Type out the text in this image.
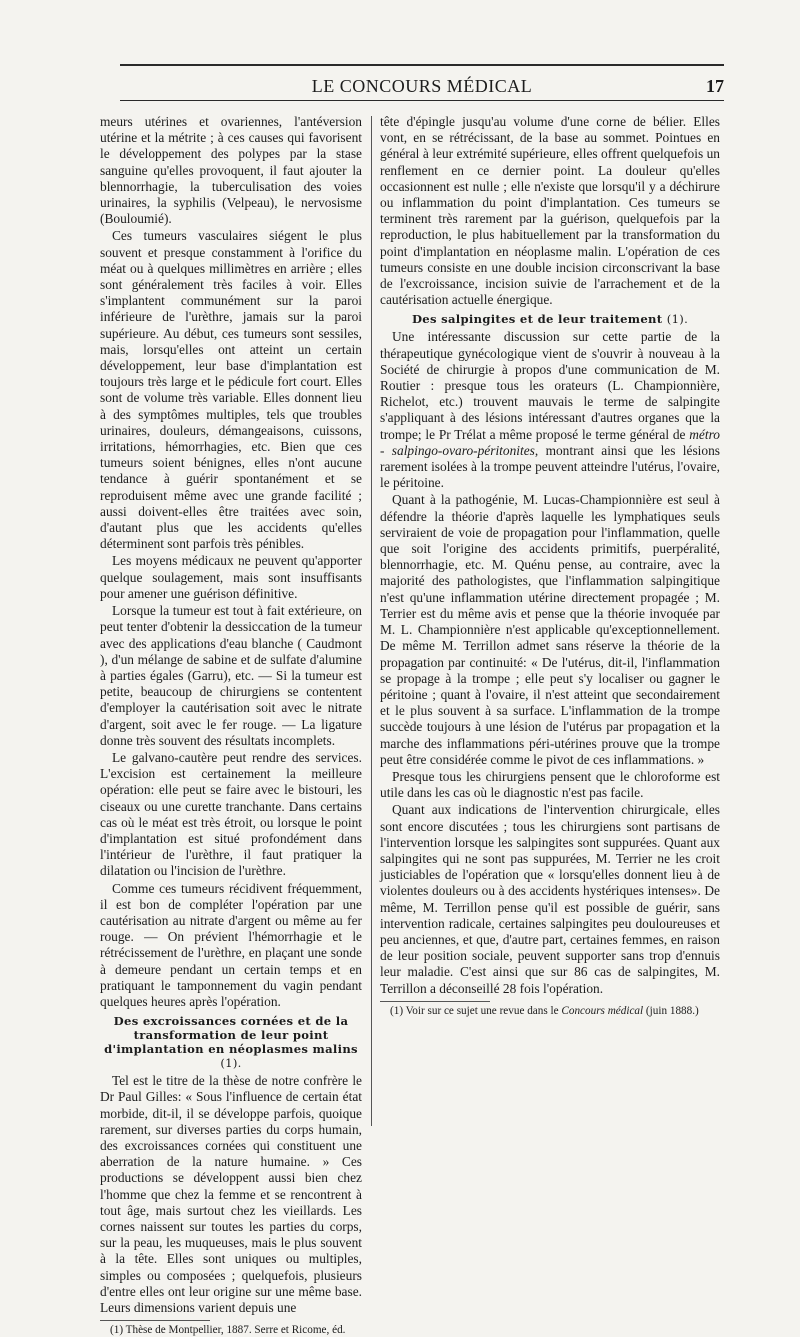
LE CONCOURS MÉDICAL	17

meurs utérines et ovariennes, l'antéversion utérine et la métrite ; à ces causes qui favorisent le développement des polypes par la stase sanguine qu'elles provoquent, il faut ajouter la blennorrhagie, la tuberculisation des voies urinaires, la syphilis (Velpeau), le nervosisme (Bouloumié).

Ces tumeurs vasculaires siégent le plus souvent et presque constamment à l'orifice du méat ou à quelques millimètres en arrière ; elles sont généralement très faciles à voir. Elles s'implantent communément sur la paroi inférieure de l'urèthre, jamais sur la paroi supérieure. Au début, ces tumeurs sont sessiles, mais, lorsqu'elles ont atteint un certain développement, leur base d'implantation est toujours très large et le pédicule fort court. Elles sont de volume très variable. Elles donnent lieu à des symptômes multiples, tels que troubles urinaires, douleurs, démangeaisons, cuissons, irritations, hémorrhagies, etc. Bien que ces tumeurs soient bénignes, elles n'ont aucune tendance à guérir spontanément et se reproduisent même avec une grande facilité ; aussi doivent-elles être traitées avec soin, d'autant plus que les accidents qu'elles déterminent sont parfois très pénibles.

Les moyens médicaux ne peuvent qu'apporter quelque soulagement, mais sont insuffisants pour amener une guérison définitive.

Lorsque la tumeur est tout à fait extérieure, on peut tenter d'obtenir la dessiccation de la tumeur avec des applications d'eau blanche ( Caudmont ), d'un mélange de sabine et de sulfate d'alumine à parties égales (Garru), etc. — Si la tumeur est petite, beaucoup de chirurgiens se contentent d'employer la cautérisation soit avec le nitrate d'argent, soit avec le fer rouge. — La ligature donne très souvent des résultats incomplets.

Le galvano-cautère peut rendre des services. L'excision est certainement la meilleure opération: elle peut se faire avec le bistouri, les ciseaux ou une curette tranchante. Dans certains cas où le méat est très étroit, ou lorsque le point d'implantation est situé profondément dans l'intérieur de l'urèthre, il faut pratiquer la dilatation ou l'incision de l'urèthre.

Comme ces tumeurs récidivent fréquemment, il est bon de compléter l'opération par une cautérisation au nitrate d'argent ou même au fer rouge. — On prévient l'hémorrhagie et le rétrécissement de l'urèthre, en plaçant une sonde à demeure pendant un certain temps et en pratiquant le tamponnement du vagin pendant quelques heures après l'opération.

Des excroissances cornées et de la transformation de leur point d'implantation en néoplasmes malins (1).

Tel est le titre de la thèse de notre confrère le Dr Paul Gilles: « Sous l'influence de certain état morbide, dit-il, il se développe parfois, quoique rarement, sur diverses parties du corps humain, des excroissances cornées qui constituent une aberration de la nature humaine. » Ces productions se développent aussi bien chez l'homme que chez la femme et se rencontrent à tout âge, mais surtout chez les vieillards. Les cornes naissent sur toutes les parties du corps, sur la peau, les muqueuses, mais le plus souvent à la tête. Elles sont uniques ou multiples, simples ou composées ; quelquefois, plusieurs d'entre elles ont leur origine sur une même base. Leurs dimensions varient depuis une

(1) Thèse de Montpellier, 1887. Serre et Ricome, éd.

tête d'épingle jusqu'au volume d'une corne de bélier. Elles vont, en se rétrécissant, de la base au sommet. Pointues en général à leur extrémité supérieure, elles offrent quelquefois un renflement en ce dernier point. La douleur qu'elles occasionnent est nulle ; elle n'existe que lorsqu'il y a déchirure ou inflammation du point d'implantation. Ces tumeurs se terminent très rarement par la guérison, quelquefois par la reproduction, le plus habituellement par la transformation du point d'implantation en néoplasme malin. L'opération de ces tumeurs consiste en une double incision circonscrivant la base de l'excroissance, incision suivie de l'arrachement et de la cautérisation actuelle énergique.

Des salpingites et de leur traitement (1).

Une intéressante discussion sur cette partie de la thérapeutique gynécologique vient de s'ouvrir à nouveau à la Société de chirurgie à propos d'une communication de M. Routier : presque tous les orateurs (L. Championnière, Richelot, etc.) trouvent mauvais le terme de salpingite s'appliquant à des lésions intéressant d'autres organes que la trompe; le Pr Trélat a même proposé le terme général de métro - salpingo-ovaro-péritonites, montrant ainsi que les lésions rarement isolées à la trompe peuvent atteindre l'utérus, l'ovaire, le péritoine.

Quant à la pathogénie, M. Lucas-Championnière est seul à défendre la théorie d'après laquelle les lymphatiques seuls serviraient de voie de propagation pour l'inflammation, quelle que soit l'origine des accidents primitifs, puerpéralité, blennorrhagie, etc. M. Quénu pense, au contraire, avec la majorité des pathologistes, que l'inflammation salpingitique n'est qu'une inflammation utérine directement propagée ; M. Terrier est du même avis et pense que la théorie invoquée par M. L. Championnière n'est applicable qu'exceptionnellement. De même M. Terrillon admet sans réserve la théorie de la propagation par continuité: « De l'utérus, dit-il, l'inflammation se propage à la trompe ; elle peut s'y localiser ou gagner le péritoine ; quant à l'ovaire, il n'est atteint que secondairement et le plus souvent à sa surface. L'inflammation de la trompe succède toujours à une lésion de l'utérus par propagation et la marche des inflammations péri-utérines prouve que la trompe peut être considérée comme le pivot de ces inflammations. »

Presque tous les chirurgiens pensent que le chloroforme est utile dans les cas où le diagnostic n'est pas facile.

Quant aux indications de l'intervention chirurgicale, elles sont encore discutées ; tous les chirurgiens sont partisans de l'intervention lorsque les salpingites sont suppurées. Quant aux salpingites qui ne sont pas suppurées, M. Terrier ne les croit justiciables de l'opération que « lorsqu'elles donnent lieu à de violentes douleurs ou à des accidents hystériques intenses». De même, M. Terrillon pense qu'il est possible de guérir, sans intervention radicale, certaines salpingites peu douloureuses et peu anciennes, et que, d'autre part, certaines femmes, en raison de leur position sociale, peuvent supporter sans trop d'ennuis leur maladie. C'est ainsi que sur 86 cas de salpingites, M. Terrillon a déconseillé 28 fois l'opération.

(1) Voir sur ce sujet une revue dans le Concours médical (juin 1888.)
